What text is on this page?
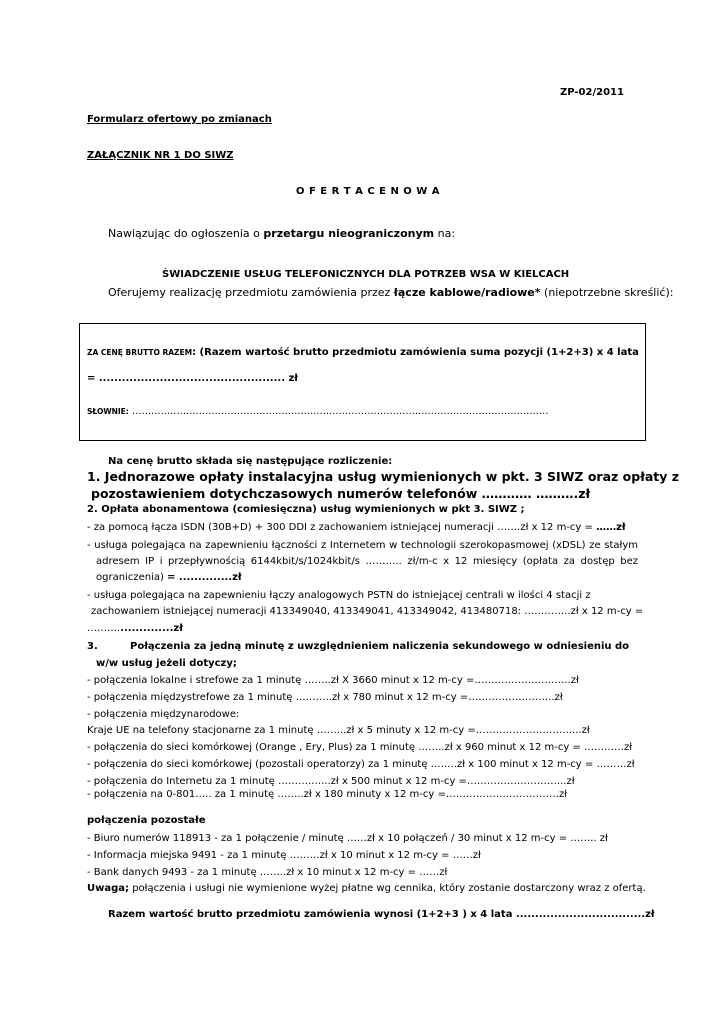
ZP-02/2011
Formularz ofertowy po zmianach
ZAŁĄCZNIK NR 1 DO SIWZ
O F E R T A C E N O W A
Nawiązując do ogłoszenia o przetargu nieograniczonym na:
ŚWIADCZENIE USŁUG TELEFONICZNYCH DLA POTRZEB WSA W KIELCACH
Oferujemy realizację przedmiotu zamówienia przez łącze kablowe/radiowe* (niepotrzebne skreślić):
ZA CENĘ BRUTTO RAZEM: (Razem wartość brutto przedmiotu zamówienia suma pozycji (1+2+3) x 4 lata
= ................................................. zł
SŁOWNIE: ...................................................................................................................................
Na cenę brutto składa się następujące rozliczenie:
1. Jednorazowe opłaty instalacyjna usług wymienionych w pkt. 3 SIWZ oraz opłaty z
pozostawieniem dotychczasowych numerów telefonów ………… ……….zł
2. Opłata abonamentowa (comiesięczna) usług wymienionych w pkt 3. SIWZ ;
- za pomocą łącza ISDN (30B+D) + 300 DDI z zachowaniem istniejącej numeracji …….zł x 12 m-cy = ……zł
- usługa polegająca na zapewnieniu łączności z Internetem w technologii szerokopasmowej (xDSL) ze stałym
adresem IP i przepływnością 6144kbit/s/1024kbit/s ……….. zł/m-c x 12 miesięcy (opłata za dostęp bez
ograniczenia) = ..............zł
- usługa polegająca na zapewnieniu łączy analogowych PSTN do istniejącej centrali w ilości 4 stacji z
zachowaniem istniejącej numeracji 413349040, 413349041, 413349042, 413480718: …………..zł x 12 m-cy =
………...............zł
3.	Połączenia za jedną minutę z uwzględnieniem naliczenia sekundowego w odniesieniu do
w/w usług jeżeli dotyczy;
- połączenia lokalne i strefowe za 1 minutę ……..zł X 3660 minut x 12 m-cy =………………………..zł
- połączenia międzystrefowe za 1 minutę ………..zł x 780 minut x 12 m-cy =……………………..zł
- połączenia międzynarodowe:
Kraje UE na telefony stacjonarne za 1 minutę ……...zł x 5 minuty x 12 m-cy =……………………….....zł
- połączenia do sieci komórkowej (Orange , Ery, Plus) za 1 minutę ……..zł x 960 minut x 12 m-cy = …………zł
- połączenia do sieci komórkowej (pozostali operatorzy) za 1 minutę ……..zł x 100 minut x 12 m-cy = ………zł
- połączenia do Internetu za 1 minutę ……….…...zł x 500 minut x 12 m-cy =………………………...zł
- połączenia na 0-801….. za 1 minutę ……..zł x 180 minuty x 12 m-cy =……………….……………zł
połączenia pozostałe
- Biuro numerów 118913 - za 1 połączenie / minutę ……zł x 10 połączeń / 30 minut x 12 m-cy = …….. zł
- Informacja miejska 9491 - za 1 minutę ………zł x 10 minut x 12 m-cy = ……zł
- Bank danych 9493 - za 1 minutę ……..zł x 10 minut x 12 m-cy = ……zł
Uwaga; połączenia i usługi nie wymienione wyżej płatne wg cennika, który zostanie dostarczony wraz z ofertą.
Razem wartość brutto przedmiotu zamówienia wynosi (1+2+3 ) x 4 lata ..................................zł
